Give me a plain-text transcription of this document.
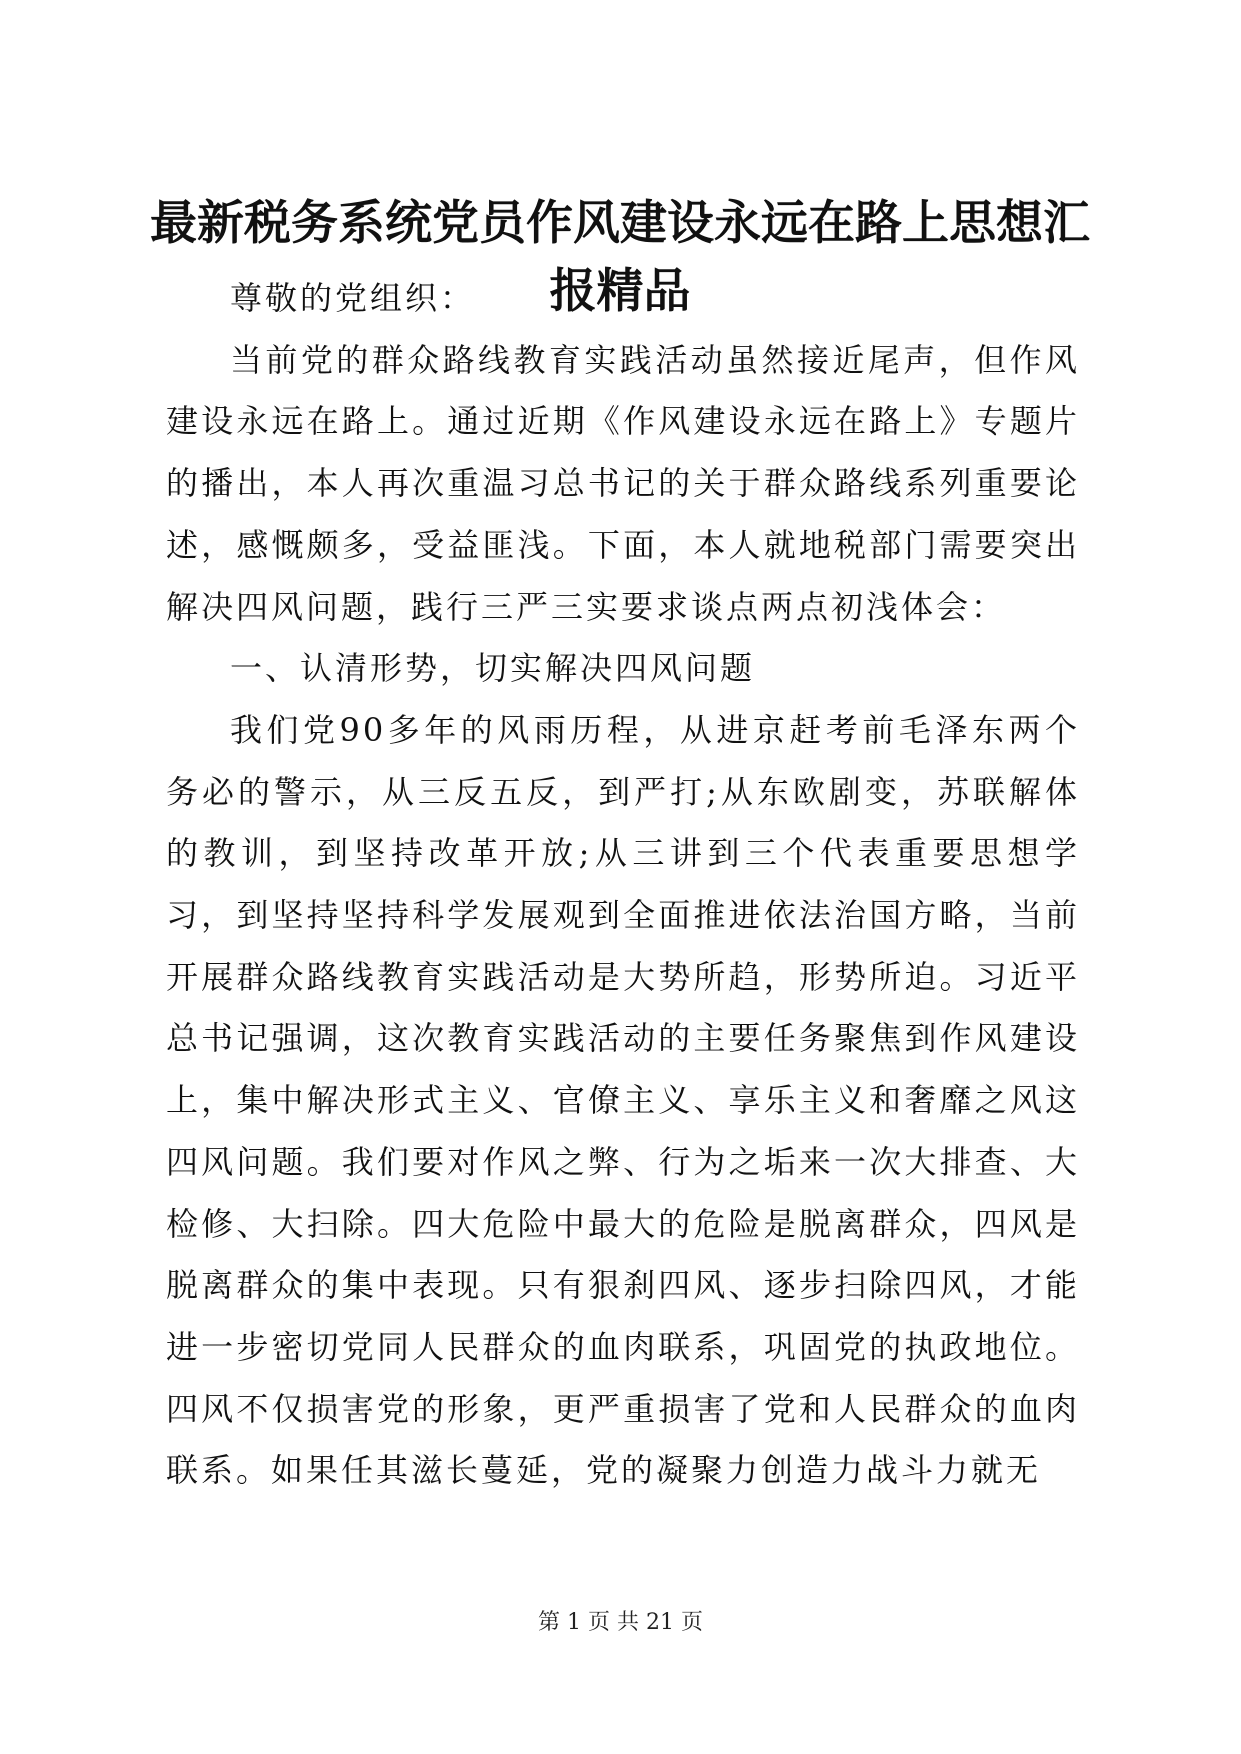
最新税务系统党员作风建设永远在路上思想汇报精品

尊敬的党组织：

当前党的群众路线教育实践活动虽然接近尾声，但作风建设永远在路上。通过近期《作风建设永远在路上》专题片的播出，本人再次重温习总书记的关于群众路线系列重要论述，感慨颇多，受益匪浅。下面，本人就地税部门需要突出解决四风问题，践行三严三实要求谈点两点初浅体会：

一、认清形势，切实解决四风问题

我们党90多年的风雨历程，从进京赶考前毛泽东两个务必的警示，从三反五反，到严打;从东欧剧变，苏联解体的教训，到坚持改革开放;从三讲到三个代表重要思想学习，到坚持坚持科学发展观到全面推进依法治国方略，当前开展群众路线教育实践活动是大势所趋，形势所迫。习近平总书记强调，这次教育实践活动的主要任务聚焦到作风建设上，集中解决形式主义、官僚主义、享乐主义和奢靡之风这四风问题。我们要对作风之弊、行为之垢来一次大排查、大检修、大扫除。四大危险中最大的危险是脱离群众，四风是脱离群众的集中表现。只有狠刹四风、逐步扫除四风，才能进一步密切党同人民群众的血肉联系，巩固党的执政地位。四风不仅损害党的形象，更严重损害了党和人民群众的血肉联系。如果任其滋长蔓延，党的凝聚力创造力战斗力就无

第 1 页 共 21 页
